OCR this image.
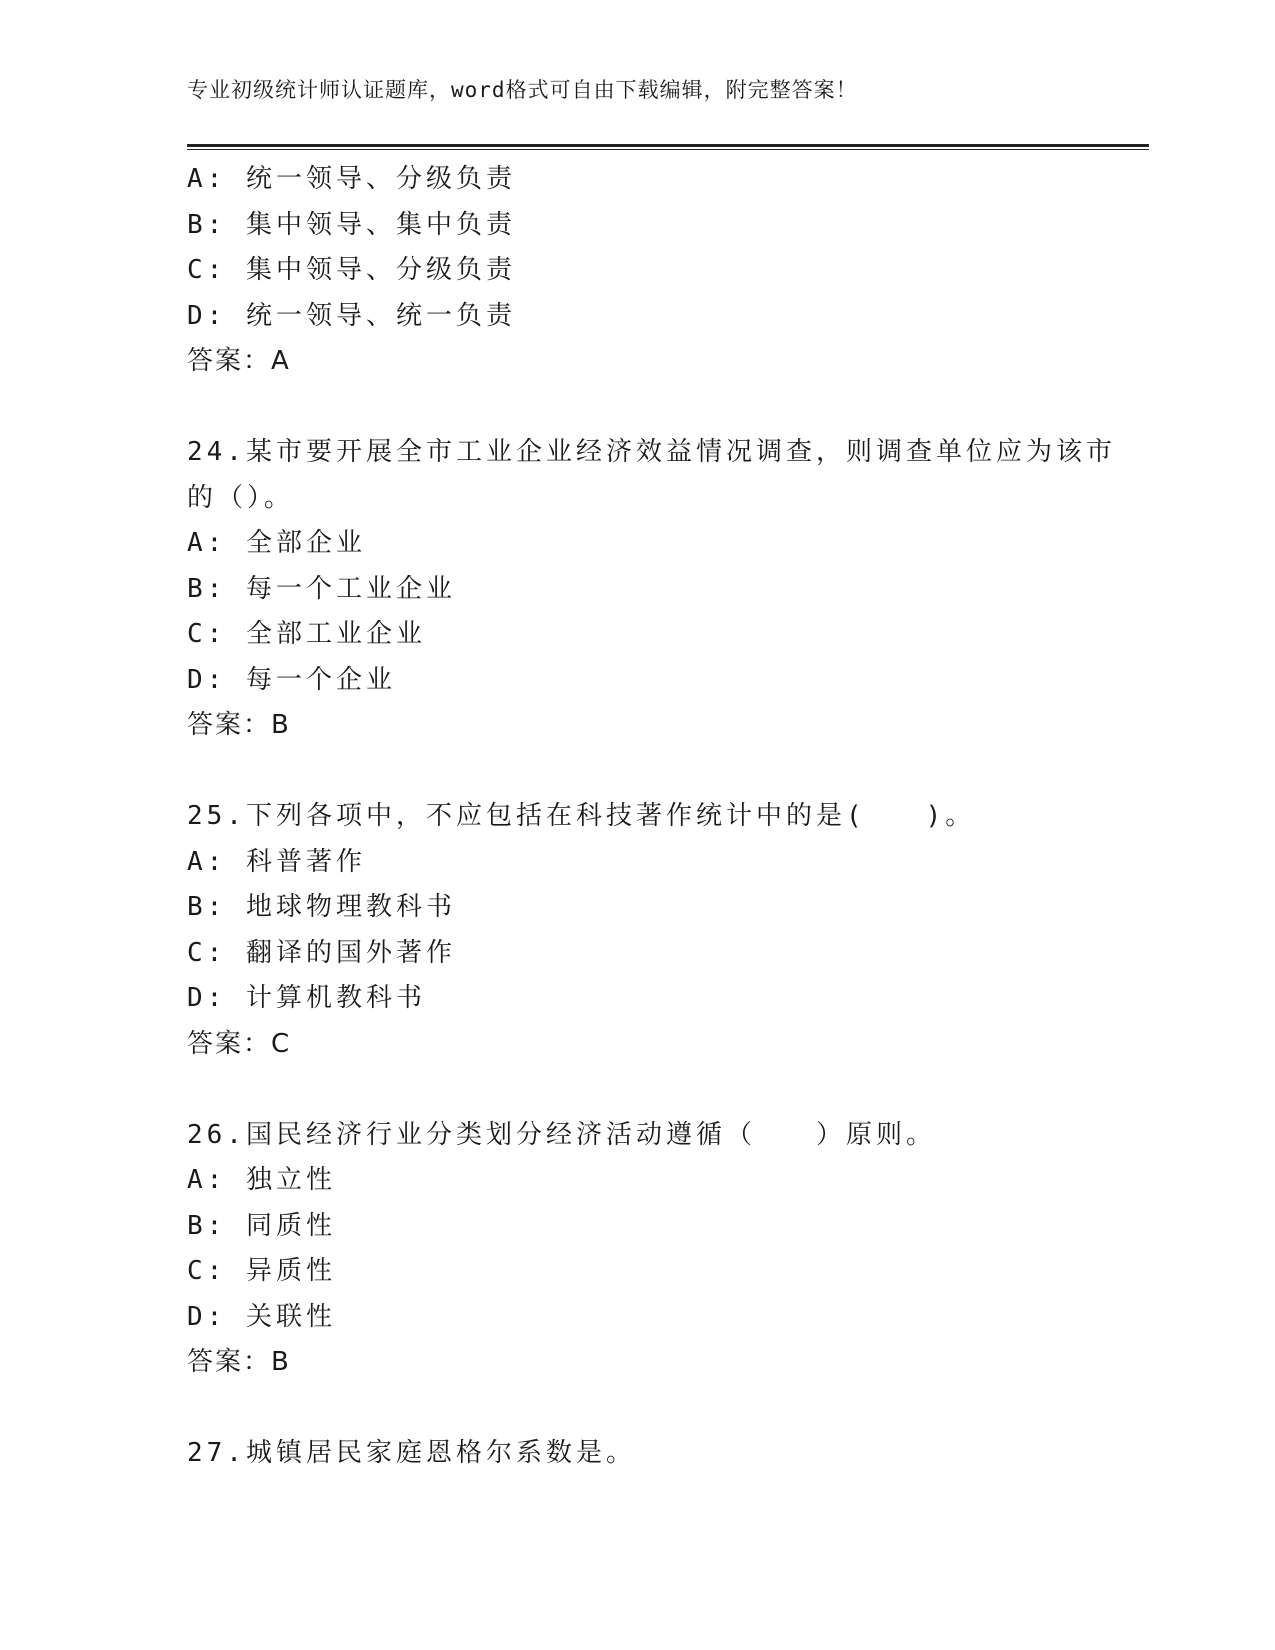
专业初级统计师认证题库，word格式可自由下载编辑，附完整答案！
A: 统一领导、分级负责
B: 集中领导、集中负责
C: 集中领导、分级负责
D: 统一领导、统一负责
答案：A
24.某市要开展全市工业企业经济效益情况调查，则调查单位应为该市
的（）。
A: 全部企业
B: 每一个工业企业
C: 全部工业企业
D: 每一个企业
答案：B
25.下列各项中，不应包括在科技著作统计中的是(　　)。
A: 科普著作
B: 地球物理教科书
C: 翻译的国外著作
D: 计算机教科书
答案：C
26.国民经济行业分类划分经济活动遵循（　　）原则。
A: 独立性
B: 同质性
C: 异质性
D: 关联性
答案：B
27.城镇居民家庭恩格尔系数是。
